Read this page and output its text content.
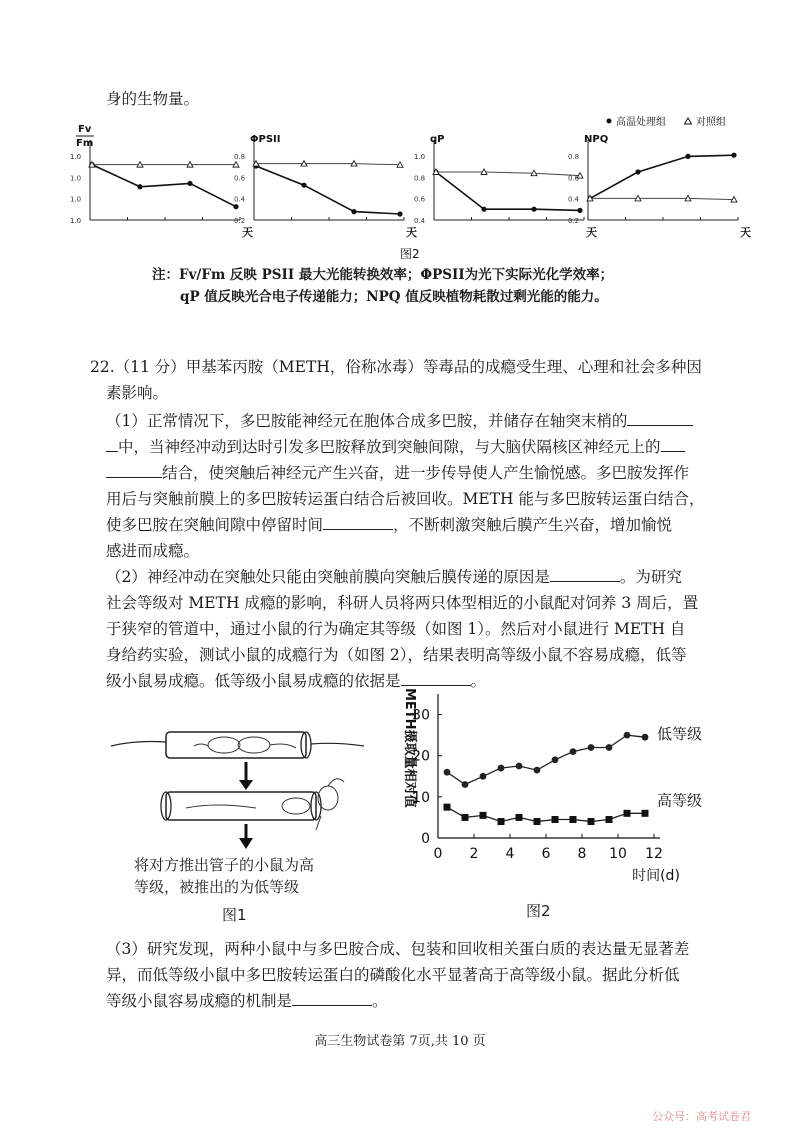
身的生物量。
高温处理组	对照组
Fv
Fm
1.0
1.0
1.0
1.0
天
ΦPSII
0.8
0.6
0.4
0.2
天
qP
1.0
0.8
0.6
0.4
天
NPQ
0.8
0.6
0.4
0.2
天
图2
注：Fv/Fm 反映 PSII 最大光能转换效率；ΦPSII为光下实际光化学效率；
qP 值反映光合电子传递能力；NPQ 值反映植物耗散过剩光能的能力。
22.（11 分）甲基苯丙胺（METH，俗称冰毒）等毒品的成瘾受生理、心理和社会多种因
素影响。
（1）正常情况下，多巴胺能神经元在胞体合成多巴胺，并储存在轴突末梢的
中，当神经冲动到达时引发多巴胺释放到突触间隙，与大脑伏隔核区神经元上的
结合，使突触后神经元产生兴奋，进一步传导使人产生愉悦感。多巴胺发挥作
用后与突触前膜上的多巴胺转运蛋白结合后被回收。METH 能与多巴胺转运蛋白结合，
使多巴胺在突触间隙中停留时间	，不断刺激突触后膜产生兴奋，增加愉悦
感进而成瘾。
（2）神经冲动在突触处只能由突触前膜向突触后膜传递的原因是	。为研究
社会等级对 METH 成瘾的影响，科研人员将两只体型相近的小鼠配对饲养 3 周后，置
于狭窄的管道中，通过小鼠的行为确定其等级（如图 1）。然后对小鼠进行 METH 自
身给药实验，测试小鼠的成瘾行为（如图 2），结果表明高等级小鼠不容易成瘾，低等
级小鼠易成瘾。低等级小鼠易成瘾的依据是	。
将对方推出管子的小鼠为高
等级，被推出的为低等级
图1
0
10
20
30
0 2 4 6 8 10 12
METH摄取量相对值
时间(d)
低等级
高等级
图2
（3）研究发现，两种小鼠中与多巴胺合成、包装和回收相关蛋白质的表达量无显著差
异，而低等级小鼠中多巴胺转运蛋白的磷酸化水平显著高于高等级小鼠。据此分析低
等级小鼠容易成瘾的机制是	。
高三生物试卷第 7页,共 10 页
公众号：高考试卷君
